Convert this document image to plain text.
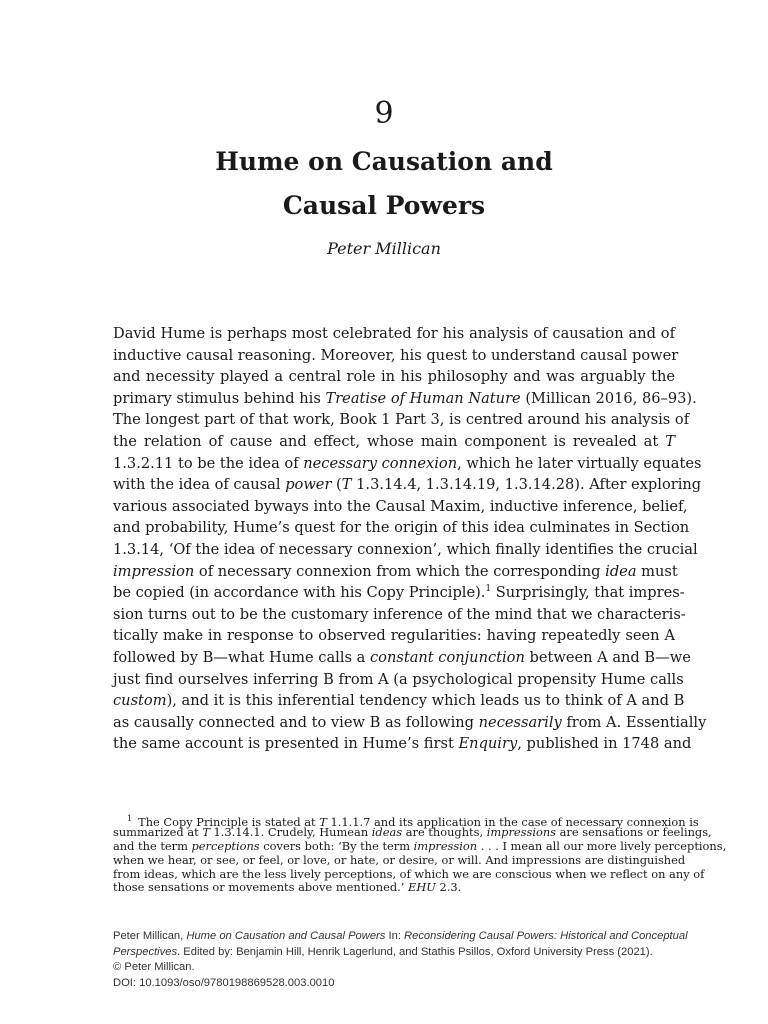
9
Hume on Causation and
Causal Powers
Peter Millican
David Hume is perhaps most celebrated for his analysis of causation and of
inductive causal reasoning. Moreover, his quest to understand causal power
and necessity played a central role in his philosophy and was arguably the
primary stimulus behind his Treatise of Human Nature (Millican 2016, 86–93).
The longest part of that work, Book 1 Part 3, is centred around his analysis of
the relation of cause and effect, whose main component is revealed at T
1.3.2.11 to be the idea of necessary connexion, which he later virtually equates
with the idea of causal power (T 1.3.14.4, 1.3.14.19, 1.3.14.28). After exploring
various associated byways into the Causal Maxim, inductive inference, belief,
and probability, Hume’s quest for the origin of this idea culminates in Section
1.3.14, ‘Of the idea of necessary connexion’, which finally identifies the crucial
impression of necessary connexion from which the corresponding idea must
be copied (in accordance with his Copy Principle).$^1$ Surprisingly, that impres-
sion turns out to be the customary inference of the mind that we characteris-
tically make in response to observed regularities: having repeatedly seen A
followed by B—what Hume calls a constant conjunction between A and B—we
just find ourselves inferring B from A (a psychological propensity Hume calls
custom), and it is this inferential tendency which leads us to think of A and B
as causally connected and to view B as following necessarily from A. Essentially
the same account is presented in Hume’s first Enquiry, published in 1748 and
$^1$ The Copy Principle is stated at T 1.1.1.7 and its application in the case of necessary connexion is
summarized at T 1.3.14.1. Crudely, Humean ideas are thoughts, impressions are sensations or feelings,
and the term perceptions covers both: ‘By the term impression . . . I mean all our more lively perceptions,
when we hear, or see, or feel, or love, or hate, or desire, or will. And impressions are distinguished
from ideas, which are the less lively perceptions, of which we are conscious when we reflect on any of
those sensations or movements above mentioned.’ EHU 2.3.
Peter Millican, Hume on Causation and Causal Powers In: Reconsidering Causal Powers: Historical and Conceptual
Perspectives. Edited by: Benjamin Hill, Henrik Lagerlund, and Stathis Psillos, Oxford University Press (2021).
© Peter Millican.
DOI: 10.1093/oso/9780198869528.003.0010
